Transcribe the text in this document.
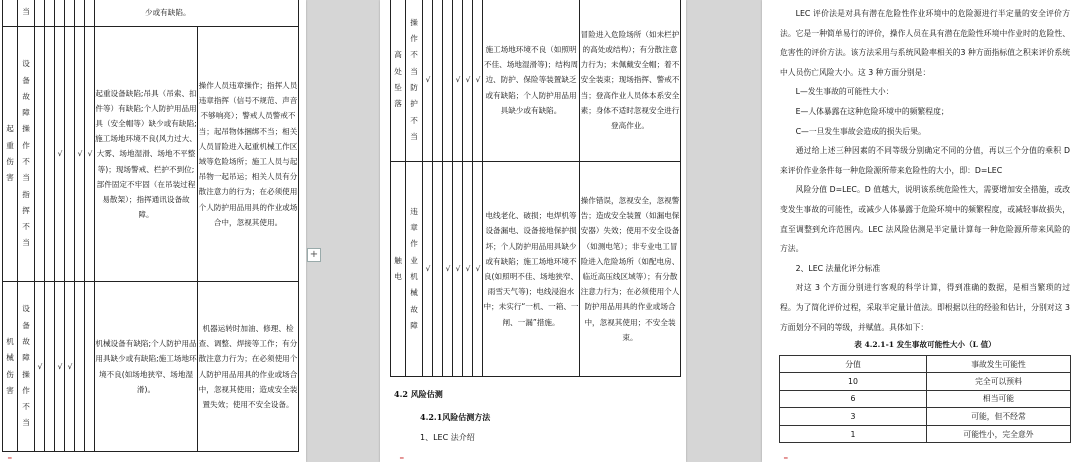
	当							少或有缺陷。	

起重伤害	设备故障操作不当指挥不当			√		√	√	起重设备缺陷;吊具（吊索、扣件等）有缺陷;个人防护用品用具（安全帽等）缺少或有缺陷;施工场地环境不良(风力过大、大雾、场地湿滑、场地不平整等)；现场警戒、栏护不到位;部件固定不牢固（在吊装过程易散架）；指挥通讯设备故障。	操作人员违章操作；指挥人员违章指挥（信号不规范、声音不够响亮）；警戒人员警戒不当；起吊物体捆绑不当；相关人员冒险进入起重机械工作区域等危险场所；施工人员与起吊物一起吊运；相关人员有分散注意力的行为；在必须使用个人防护用品用具的作业或场合中，忽视其使用。

机械伤害	设备故障操作不当	√		√	√			机械设备有缺陷;个人防护用品用具缺少或有缺陷;施工场地环境不良(如场地狭窄、场地湿滑)。	机器运转时加油、修理、检查、调整、焊接等工作；有分散注意力行为；在必须使用个人防护用品用具的作业或场合中，忽视其使用；造成安全装置失效；使用不安全设备。
━
+
高处坠落	操作不当防护不当	√			√	√	√	施工场地环境不良（如照明不佳、场地湿滑等)；结构周边、防护、保险等装置缺乏或有缺陷；个人防护用品用具缺少或有缺陷。	冒险进入危险场所（如未栏护的高处或结构）；有分散注意力行为；未佩戴安全帽；着不安全装束；现场指挥、警戒不当；登高作业人员体本系安全素；身体不适时忽视安全进行登高作业。

触电	违章作业机械故障	√		√	√	√	√	电线老化、破损；电焊机等设备漏电、设备接地保护损坏；个人防护用品用具缺少或有缺陷；施工场地环境不良(如照明不佳、场地狭窄、雨雪天气等)；电线浸泡水中；未实行“一机、一箱、一闸、一漏”措施。	操作错误，忽视安全，忽视警告；造成安全装置（如漏电保安器）失效；使用不安全设备（如测电笔）；非专业电工冒险进入危险场所（如配电房、临近高压线区域等）；有分散注意力行为；在必须使用个人防护用品用具的作业或场合中，忽视其使用；不安全装束。
4.2 风险估测
4.2.1风险估测方法
1、LEC 法介绍
━

LEC 评价法是对具有潜在危险性作业环境中的危险源进行半定量的安全评价方法。它是一种简单易行的评价，操作人员在具有潜在危险性环境中作业时的危险性、危害性的评价方法。该方法采用与系统风险率相关的3 种方面指标值之积来评价系统中人员伤亡风险大小。这 3 种方面分别是：

L—发生事故的可能性大小：

E—人体暴露在这种危险环境中的频繁程度；

C—一旦发生事故会造成的损失后果。

通过给上述三种因素的不同等级分别确定不同的分值，再以三个分值的乘积 D 来评价作业条件每一种危险源所带来危险性的大小，即：D=LEC

风险分值 D=LEC。D 值越大，说明该系统危险性大，需要增加安全措施，或改变发生事故的可能性，或减少人体暴露于危险环境中的频繁程度，或减轻事故损失，直至调整到允许范围内。LEC 法风险估测是半定量计算每一种危险源所带来风险的方法。

2、LEC 法量化评分标准

对这 3 个方面分别进行客观的科学计算，得到准确的数据，是相当繁琐的过程。为了简化评价过程，采取半定量计值法。即根据以往的经验和估计，分别对这 3 方面划分不同的等级，并赋值。具体如下：

表 4.2.1-1 发生事故可能性大小（L 值）

分值	事故发生可能性
10	完全可以预料
6	相当可能
3	可能，但不经常
1	可能性小，完全意外
━
